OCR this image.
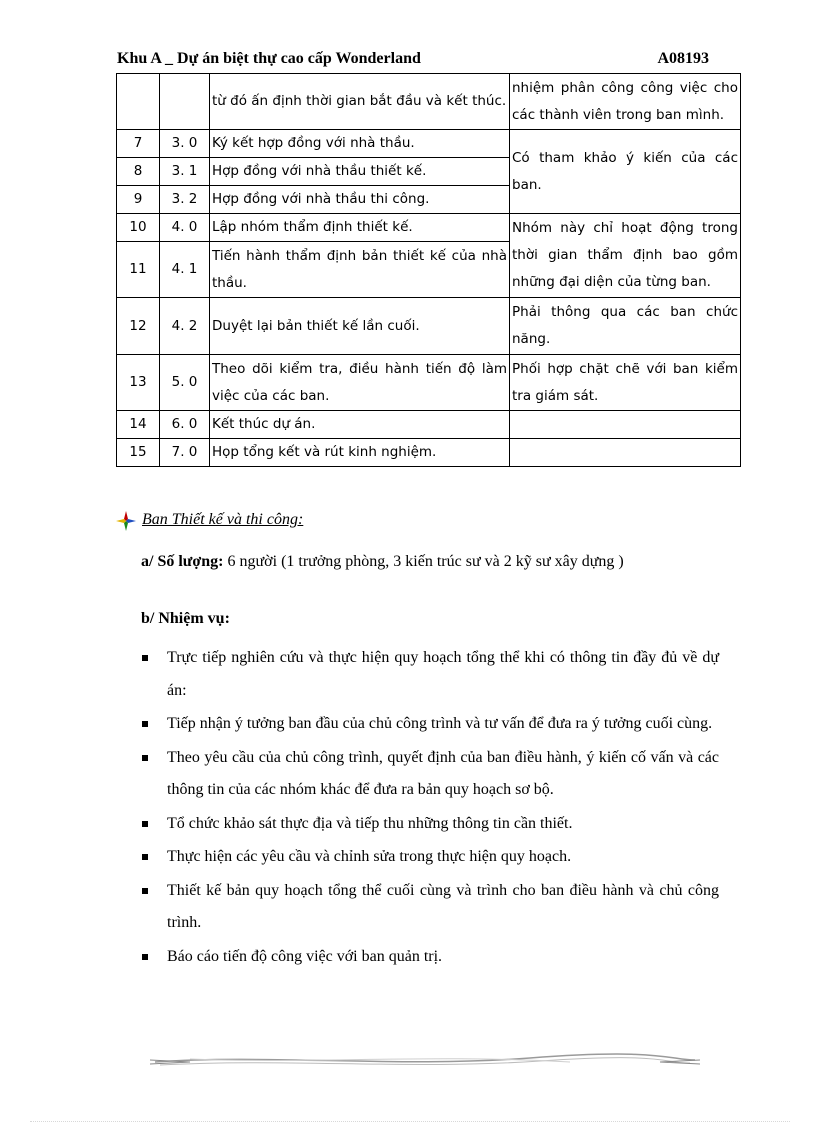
Khu A _ Dự án biệt thự cao cấp Wonderland	A08193
		từ đó ấn định thời gian bắt đầu và kết thúc.	nhiệm phân công công việc cho các thành viên trong ban mình.
7	3. 0	Ký kết hợp đồng với nhà thầu.	Có tham khảo ý kiến của các ban.
8	3. 1	Hợp đồng với nhà thầu thiết kế.	
9	3. 2	Hợp đồng với nhà thầu thi công.	
10	4. 0	Lập nhóm thẩm định thiết kế.	Nhóm này chỉ hoạt động trong thời gian thẩm định bao gồm những đại diện của từng ban.
11	4. 1	Tiến hành thẩm định bản thiết kế của nhà thầu.	
12	4. 2	Duyệt lại bản thiết kế lần cuối.	Phải thông qua các ban chức năng.
13	5. 0	Theo dõi kiểm tra, điều hành tiến độ làm việc của các ban.	Phối hợp chặt chẽ với ban kiểm tra giám sát.
14	6. 0	Kết thúc dự án.	
15	7. 0	Họp tổng kết và rút kinh nghiệm.	
Ban Thiết kế và thi công:
a/ Số lượng: 6 người (1 trưởng phòng, 3 kiến trúc sư và 2 kỹ sư xây dựng )
b/ Nhiệm vụ:
Trực tiếp nghiên cứu và thực hiện quy hoạch tổng thể khi có thông tin đầy đủ về dự án:
Tiếp nhận ý tưởng ban đầu của chủ công trình và tư vấn để đưa ra ý tưởng cuối cùng.
Theo yêu cầu của chủ công trình, quyết định của ban điều hành, ý kiến cố vấn và các thông tin của các nhóm khác để đưa ra bản quy hoạch sơ bộ.
Tổ chức khảo sát thực địa và tiếp thu những thông tin cần thiết.
Thực hiện các yêu cầu và chỉnh sửa trong thực hiện quy hoạch.
Thiết kế bản quy hoạch tổng thể cuối cùng và trình cho ban điều hành và chủ công trình.
Báo cáo tiến độ công việc với ban quản trị.
